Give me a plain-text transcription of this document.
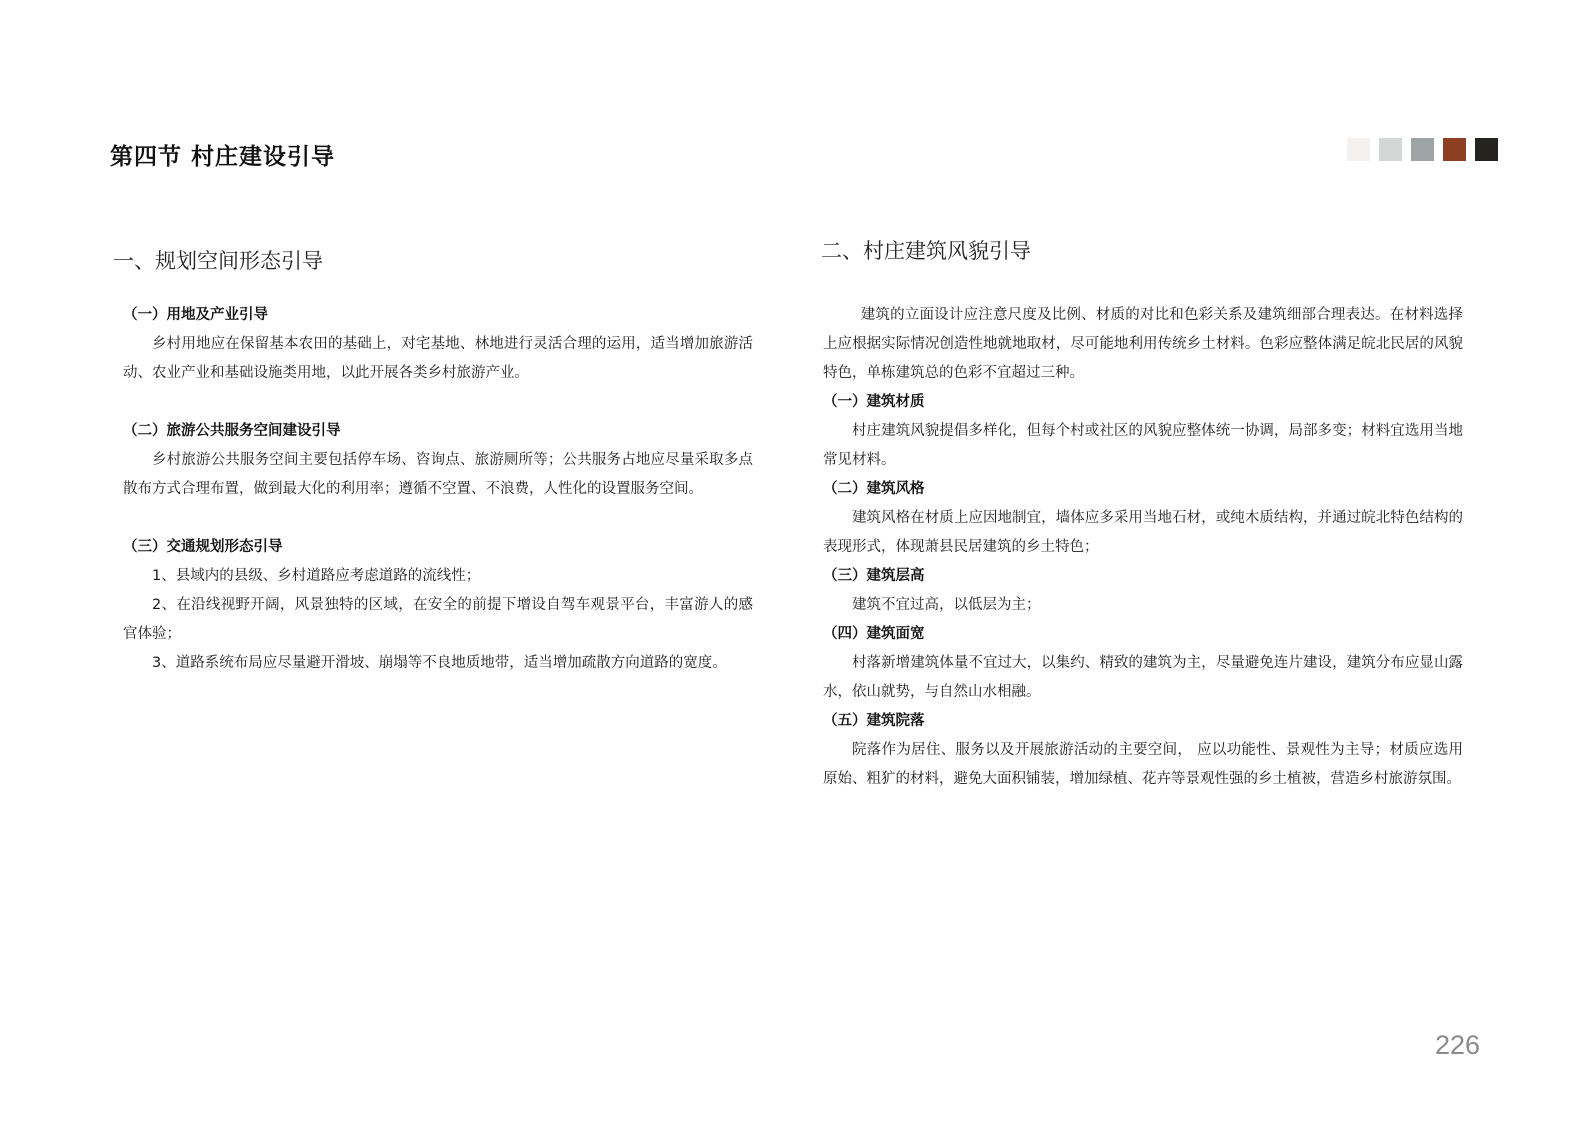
第四节 村庄建设引导
一、规划空间形态引导

（一）用地及产业引导

乡村用地应在保留基本农田的基础上，对宅基地、林地进行灵活合理的运用，适当增加旅游活动、农业产业和基础设施类用地，以此开展各类乡村旅游产业。

（二）旅游公共服务空间建设引导

乡村旅游公共服务空间主要包括停车场、咨询点、旅游厕所等；公共服务占地应尽量采取多点散布方式合理布置，做到最大化的利用率；遵循不空置、不浪费，人性化的设置服务空间。

（三）交通规划形态引导

1、县域内的县级、乡村道路应考虑道路的流线性；

2、在沿线视野开阔，风景独特的区域，在安全的前提下增设自驾车观景平台，丰富游人的感官体验；

3、道路系统布局应尽量避开滑坡、崩塌等不良地质地带，适当增加疏散方向道路的宽度。

二、村庄建筑风貌引导

建筑的立面设计应注意尺度及比例、材质的对比和色彩关系及建筑细部合理表达。在材料选择上应根据实际情况创造性地就地取材，尽可能地利用传统乡土材料。色彩应整体满足皖北民居的风貌特色，单栋建筑总的色彩不宜超过三种。

（一）建筑材质

村庄建筑风貌提倡多样化，但每个村或社区的风貌应整体统一协调，局部多变；材料宜选用当地常见材料。

（二）建筑风格

建筑风格在材质上应因地制宜，墙体应多采用当地石材，或纯木质结构，并通过皖北特色结构的表现形式，体现萧县民居建筑的乡土特色；

（三）建筑层高

建筑不宜过高，以低层为主；

（四）建筑面宽

村落新增建筑体量不宜过大，以集约、精致的建筑为主，尽量避免连片建设，建筑分布应显山露水，依山就势，与自然山水相融。

（五）建筑院落

院落作为居住、服务以及开展旅游活动的主要空间， 应以功能性、景观性为主导；材质应选用原始、粗犷的材料，避免大面积铺装，增加绿植、花卉等景观性强的乡土植被，营造乡村旅游氛围。

226
